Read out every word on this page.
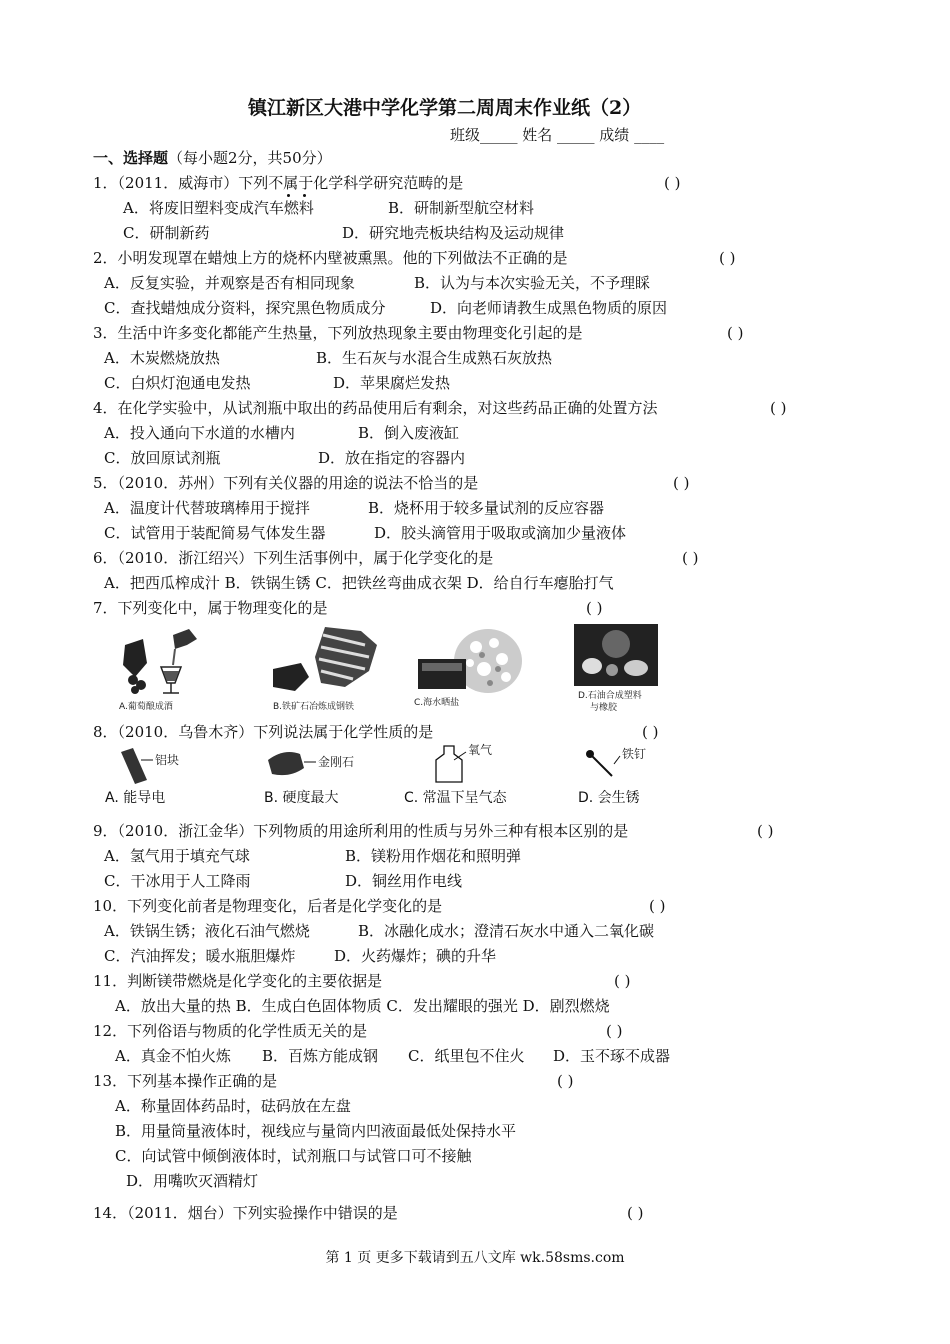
镇江新区大港中学化学第二周周末作业纸（2）
班级_____ 姓名 _____ 成绩 ____
一、选择题（每小题2分，共50分）
1．（2011．威海市）下列不属于化学科学研究范畴的是	( )
A．将废旧塑料变成汽车燃料	B．研制新型航空材料
C．研制新药	D．研究地壳板块结构及运动规律
2．小明发现罩在蜡烛上方的烧杯内壁被熏黑。他的下列做法不正确的是	( )
A．反复实验，并观察是否有相同现象	B．认为与本次实验无关，不予理睬
C．查找蜡烛成分资料，探究黑色物质成分	D．向老师请教生成黑色物质的原因
3．生活中许多变化都能产生热量，下列放热现象主要由物理变化引起的是	( )
A．木炭燃烧放热	B．生石灰与水混合生成熟石灰放热
C．白炽灯泡通电发热	D．苹果腐烂发热
4．在化学实验中，从试剂瓶中取出的药品使用后有剩余，对这些药品正确的处置方法	( )
A．投入通向下水道的水槽内	B．倒入废液缸
C．放回原试剂瓶	D．放在指定的容器内
5．（2010．苏州）下列有关仪器的用途的说法不恰当的是	( )
A．温度计代替玻璃棒用于搅拌	B．烧杯用于较多量试剂的反应容器
C．试管用于装配简易气体发生器	D．胶头滴管用于吸取或滴加少量液体
6．（2010．浙江绍兴）下列生活事例中，属于化学变化的是	( )
A．把西瓜榨成汁 B．铁锅生锈 C．把铁丝弯曲成衣架 D．给自行车瘪胎打气
7．下列变化中，属于物理变化的是	( )
A.葡萄酿成酒	B.铁矿石冶炼成钢铁	C.海水晒盐
D.石油合成塑料
与橡胶
8．（2010．乌鲁木齐）下列说法属于化学性质的是	( )
铝块
A. 能导电
金刚石
B. 硬度最大
氧气
C. 常温下呈气态
铁钉
D. 会生锈
9．（2010．浙江金华）下列物质的用途所利用的性质与另外三种有根本区别的是	( )
A．氢气用于填充气球	B．镁粉用作烟花和照明弹
C．干冰用于人工降雨	D．铜丝用作电线
10．下列变化前者是物理变化，后者是化学变化的是	( )
A．铁锅生锈；液化石油气燃烧	B．冰融化成水；澄清石灰水中通入二氧化碳
C．汽油挥发；暖水瓶胆爆炸	D．火药爆炸；碘的升华
11．判断镁带燃烧是化学变化的主要依据是	( )
A．放出大量的热 B．生成白色固体物质 C．发出耀眼的强光 D．剧烈燃烧
12．下列俗语与物质的化学性质无关的是	( )
A．真金不怕火炼 B．百炼方能成钢 C．纸里包不住火 D．玉不琢不成器
13．下列基本操作正确的是	( )
A．称量固体药品时，砝码放在左盘
B．用量筒量液体时，视线应与量筒内凹液面最低处保持水平
C．向试管中倾倒液体时，试剂瓶口与试管口可不接触
D．用嘴吹灭酒精灯
14．（2011．烟台）下列实验操作中错误的是	( )
第 1 页 更多下载请到五八文库 wk.58sms.com
